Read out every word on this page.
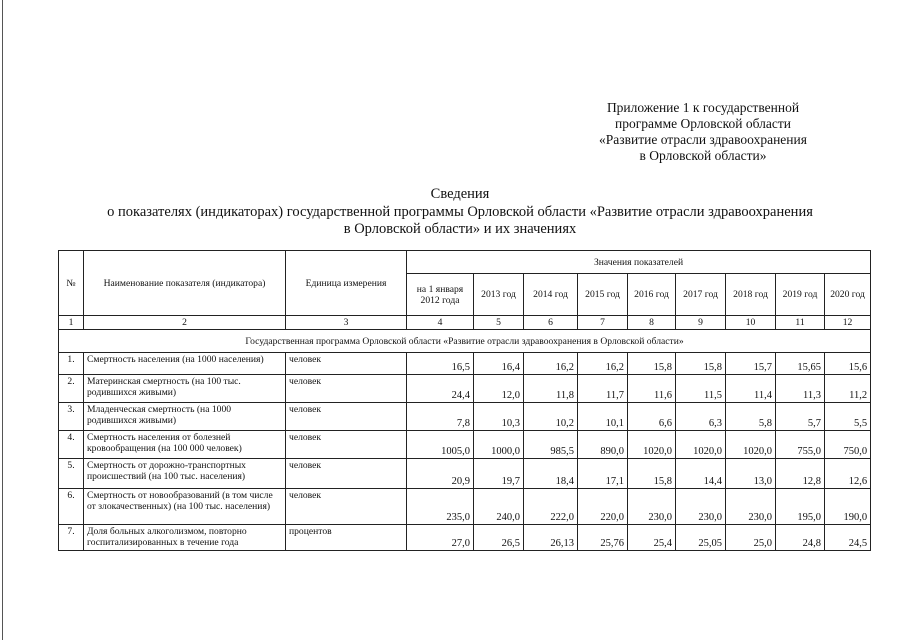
Приложение 1 к государственной
программе Орловской области
«Развитие отрасли здравоохранения
в Орловской области»
Сведения
о показателях (индикаторах) государственной программы Орловской области «Развитие отрасли здравоохранения
в Орловской области» и их значениях
№	Наименование показателя (индикатора)	Единица измерения	Значения показателей								
			на 1 января 2012 года	2013 год	2014 год	2015 год	2016 год	2017 год	2018 год	2019 год	2020 год
1	2	3	4	5	6	7	8	9	10	11	12
Государственная программа Орловской области «Развитие отрасли здравоохранения в Орловской области»											
1.	Смертность населения (на 1000 населения)	человек	16,5	16,4	16,2	16,2	15,8	15,8	15,7	15,65	15,6
2.	Материнская смертность (на 100 тыс. родившихся живыми)	человек	24,4	12,0	11,8	11,7	11,6	11,5	11,4	11,3	11,2
3.	Младенческая смертность (на 1000 родившихся живыми)	человек	7,8	10,3	10,2	10,1	6,6	6,3	5,8	5,7	5,5
4.	Смертность населения от болезней кровообращения (на 100 000 человек)	человек	1005,0	1000,0	985,5	890,0	1020,0	1020,0	1020,0	755,0	750,0
5.	Смертность от дорожно-транспортных происшествий (на 100 тыс. населения)	человек	20,9	19,7	18,4	17,1	15,8	14,4	13,0	12,8	12,6
6.	Смертность от новообразований (в том числе от злокачественных) (на 100 тыс. населения)	человек	235,0	240,0	222,0	220,0	230,0	230,0	230,0	195,0	190,0
7.	Доля больных алкоголизмом, повторно госпитализированных в течение года	процентов	27,0	26,5	26,13	25,76	25,4	25,05	25,0	24,8	24,5
